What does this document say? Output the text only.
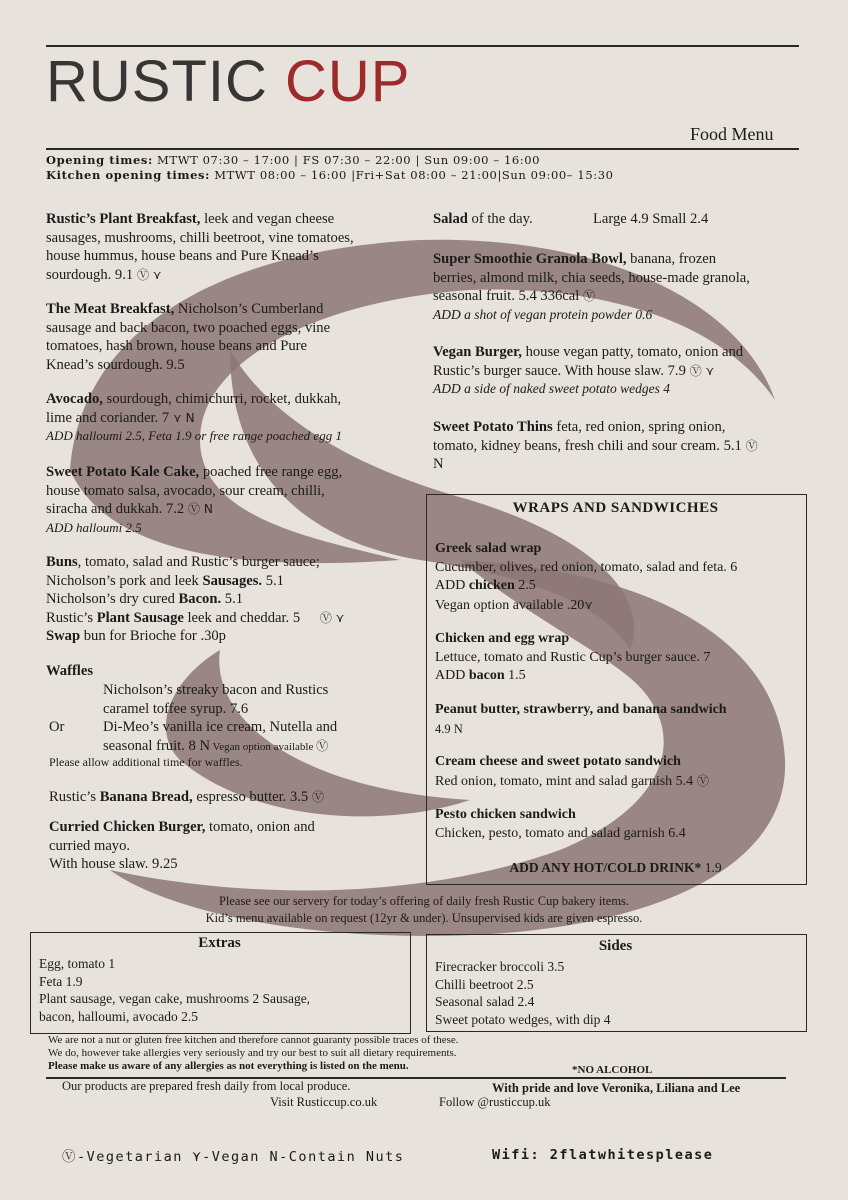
RUSTIC CUP
Food Menu
Opening times: MTWT 07:30 – 17:00 | FS 07:30 – 22:00 | Sun 09:00 – 16:00
Kitchen opening times: MTWT 08:00 – 16:00 |Fri+Sat 08:00 – 21:00|Sun 09:00– 15:30
Rustic’s Plant Breakfast, leek and vegan cheese
sausages, mushrooms, chilli beetroot, vine tomatoes,
house hummus, house beans and Pure Knead’s
sourdough. 9.1 Ⓥ ⋎
The Meat Breakfast, Nicholson’s Cumberland
sausage and back bacon, two poached eggs, vine
tomatoes, hash brown, house beans and Pure
Knead’s sourdough. 9.5
Avocado, sourdough, chimichurri, rocket, dukkah,
lime and coriander. 7 ⋎ N
ADD halloumi 2.5, Feta 1.9 or free range poached egg 1
Sweet Potato Kale Cake, poached free range egg,
house tomato salsa, avocado, sour cream, chilli,
siracha and dukkah. 7.2 Ⓥ N
ADD halloumi 2.5
Buns, tomato, salad and Rustic’s burger sauce;
Nicholson’s pork and leek Sausages. 5.1
Nicholson’s dry cured Bacon. 5.1
Rustic’s Plant Sausage leek and cheddar. 5 Ⓥ ⋎
Swap bun for Brioche for .30p
Waffles
Nicholson’s streaky bacon and Rustics
caramel toffee syrup. 7.6
Or	Di-Meo’s vanilla ice cream, Nutella and
seasonal fruit. 8 N Vegan option available Ⓥ
Please allow additional time for waffles.
Rustic’s Banana Bread, espresso butter. 3.5 Ⓥ
Curried Chicken Burger, tomato, onion and
curried mayo.
With house slaw. 9.25
Salad of the day.	Large 4.9 Small 2.4
Super Smoothie Granola Bowl, banana, frozen
berries, almond milk, chia seeds, house-made granola,
seasonal fruit. 5.4 336cal Ⓥ
ADD a shot of vegan protein powder 0.6
Vegan Burger, house vegan patty, tomato, onion and
Rustic’s burger sauce. With house slaw. 7.9 Ⓥ ⋎
ADD a side of naked sweet potato wedges 4
Sweet Potato Thins feta, red onion, spring onion,
tomato, kidney beans, fresh chili and sour cream. 5.1 Ⓥ
N
WRAPS AND SANDWICHES
Greek salad wrap
Cucumber, olives, red onion, tomato, salad and feta. 6
ADD chicken 2.5
Vegan option available .20⋎
Chicken and egg wrap
Lettuce, tomato and Rustic Cup’s burger sauce. 7
ADD bacon 1.5
Peanut butter, strawberry, and banana sandwich
4.9 N
Cream cheese and sweet potato sandwich
Red onion, tomato, mint and salad garnish 5.4 Ⓥ
Pesto chicken sandwich
Chicken, pesto, tomato and salad garnish 6.4
ADD ANY HOT/COLD DRINK* 1.9
Please see our servery for today’s offering of daily fresh Rustic Cup bakery items.
Kid’s menu available on request (12yr & under). Unsupervised kids are given espresso.
Extras
Egg, tomato 1
Feta 1.9
Plant sausage, vegan cake, mushrooms 2 Sausage,
bacon, halloumi, avocado 2.5
Sides
Firecracker broccoli 3.5
Chilli beetroot 2.5
Seasonal salad 2.4
Sweet potato wedges, with dip 4
We are not a nut or gluten free kitchen and therefore cannot guaranty possible traces of these.
We do, however take allergies very seriously and try our best to suit all dietary requirements.
Please make us aware of any allergies as not everything is listed on the menu.	*NO ALCOHOL
Our products are prepared fresh daily from local produce.
Visit Rusticcup.co.uk
With pride and love Veronika, Liliana and Lee
Follow @rusticcup.uk
Ⓥ-Vegetarian ⋎-Vegan N-Contain Nuts	Wifi: 2flatwhitesplease
